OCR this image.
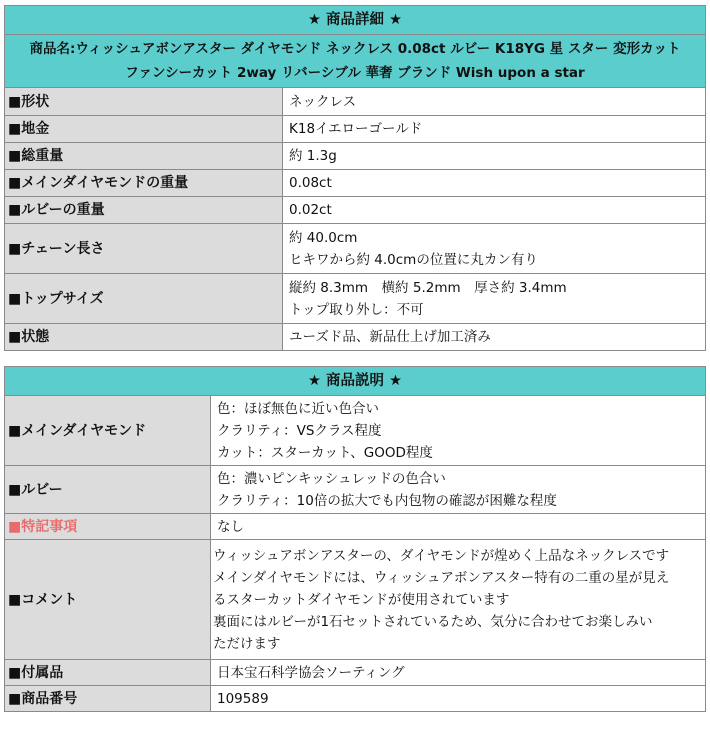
★ 商品詳細 ★	

商品名:ウィッシュアボンアスター ダイヤモンド ネックレス 0.08ct ルビー K18YG 星 スター 変形カット
ファンシーカット 2way リバーシブル 華奢 ブランド Wish upon a star	

■形状	ネックレス
■地金	K18イエローゴールド
■総重量	約 1.3g
■メインダイヤモンドの重量	0.08ct
■ルビーの重量	0.02ct
■チェーン長さ	約 40.0cm
ヒキワから約 4.0cmの位置に丸カン有り

■トップサイズ	縦約 8.3mm　横約 5.2mm　厚さ約 3.4mm
トップ取り外し：不可

■状態	ユーズド品、新品仕上げ加工済み
★ 商品説明 ★	
■メインダイヤモンド	色：ほぼ無色に近い色合い
クラリティ：VSクラス程度
カット：スターカット、GOOD程度

■ルビー	色：濃いピンキッシュレッドの色合い
クラリティ：10倍の拡大でも内包物の確認が困難な程度

■特記事項	なし
■コメント	ウィッシュアボンアスターの、ダイヤモンドが煌めく上品なネックレスです
メインダイヤモンドには、ウィッシュアボンアスター特有の二重の星が見え
るスターカットダイヤモンドが使用されています
裏面にはルビーが1石セットされているため、気分に合わせてお楽しみい
ただけます

■付属品	日本宝石科学協会ソーティング
■商品番号	109589
